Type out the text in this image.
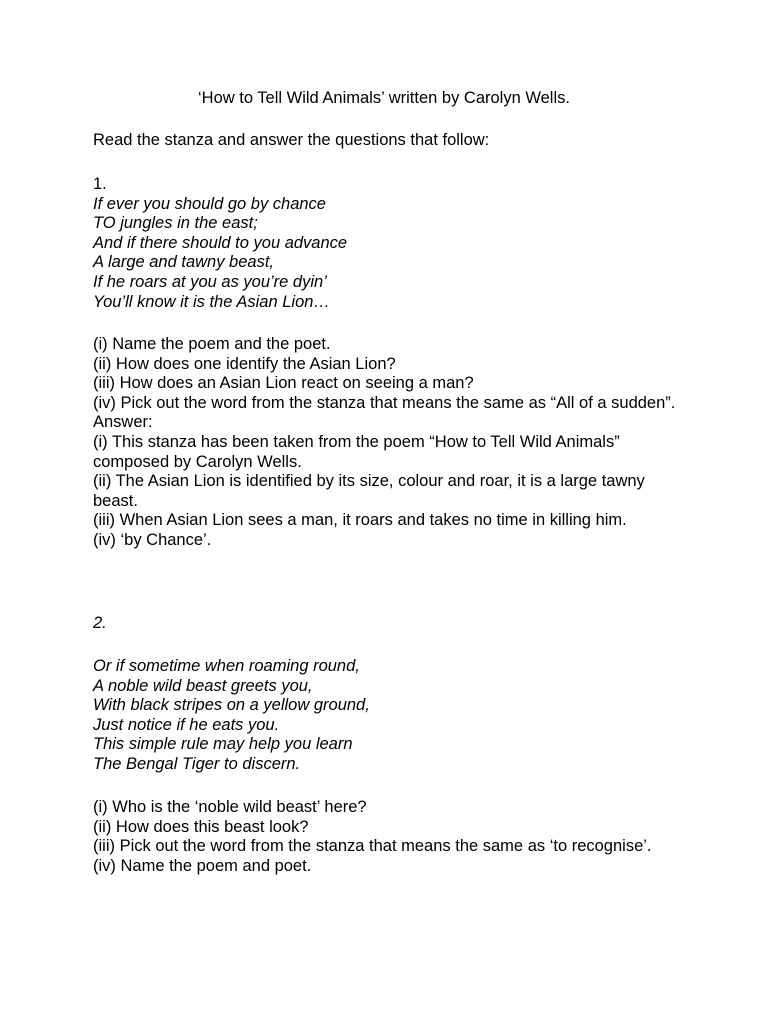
‘How to Tell Wild Animals’ written by Carolyn Wells.
Read the stanza and answer the questions that follow:
1.
If ever you should go by chance
TO jungles in the east;
And if there should to you advance
A large and tawny beast,
If he roars at you as you’re dyin’
You’ll know it is the Asian Lion…
(i) Name the poem and the poet.
(ii) How does one identify the Asian Lion?
(iii) How does an Asian Lion react on seeing a man?
(iv) Pick out the word from the stanza that means the same as “All of a sudden”.
Answer:
(i) This stanza has been taken from the poem “How to Tell Wild Animals” composed by Carolyn Wells.
(ii) The Asian Lion is identified by its size, colour and roar, it is a large tawny beast.
(iii) When Asian Lion sees a man, it roars and takes no time in killing him.
(iv) ‘by Chance’.
2.
Or if sometime when roaming round,
A noble wild beast greets you,
With black stripes on a yellow ground,
Just notice if he eats you.
This simple rule may help you learn
The Bengal Tiger to discern.
(i) Who is the ‘noble wild beast’ here?
(ii) How does this beast look?
(iii) Pick out the word from the stanza that means the same as ‘to recognise’.
(iv) Name the poem and poet.
